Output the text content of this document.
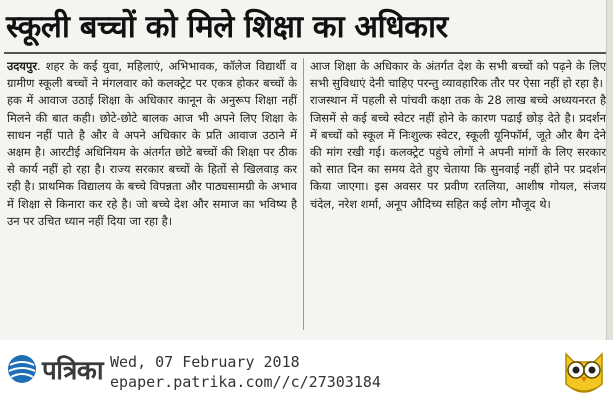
स्कूली बच्चों को मिले शिक्षा का अधिकार

उदयपुर. शहर के कई युवा, महिलाएं, अभिभावक, कॉलेज विद्यार्थी व ग्रामीण स्कूली बच्चों ने मंगलवार को कलक्ट्रेट पर एकत्र होकर बच्चों के हक में आवाज उठाई शिक्षा के अधिकार कानून के अनुरूप शिक्षा नहीं मिलने की बात कही। छोटे-छोटे बालक आज भी अपने लिए शिक्षा के साधन नहीं पाते है और वे अपने अधिकार के प्रति आवाज उठाने में अक्षम है। आरटीई अधिनियम के अंतर्गत छोटे बच्चों की शिक्षा पर ठीक से कार्य नहीं हो रहा है। राज्य सरकार बच्चों के हितों से खिलवाड़ कर रही है। प्राथमिक विद्यालय के बच्चे विपन्नता और पाठ्यसामग्री के अभाव में शिक्षा से किनारा कर रहे है। जो बच्चे देश और समाज का भविष्य है उन पर उचित ध्यान नहीं दिया जा रहा है।

आज शिक्षा के अधिकार के अंतर्गत देश के सभी बच्चों को पढ़ने के लिए सभी सुविधाएं देनी चाहिए परन्तु व्यावहारिक तौर पर ऐसा नहीं हो रहा है।

राजस्थान में पहली से पांचवी कक्षा तक के 28 लाख बच्चे अध्ययनरत है जिसमें से कई बच्चे स्वेटर नहीं होने के कारण पढाई छोड़ देते है। प्रदर्शन में बच्चों को स्कूल में निःशुल्क स्वेटर, स्कूली यूनिफॉर्म, जूते और बैग देने की मांग रखी गई। कलक्ट्रेट पहुंचे लोगों ने अपनी मांगों के लिए सरकार को सात दिन का समय देते हुए चेताया कि सुनवाई नहीं होने पर प्रदर्शन किया जाएगा। इस अवसर पर प्रवीण रतलिया, आशीष गोयल, संजय चंदेल, नरेश शर्मा, अनूप औदिच्य सहित कई लोग मौजूद थे।

पत्रिका Wed, 07 February 2018
epaper.patrika.com//c/27303184
